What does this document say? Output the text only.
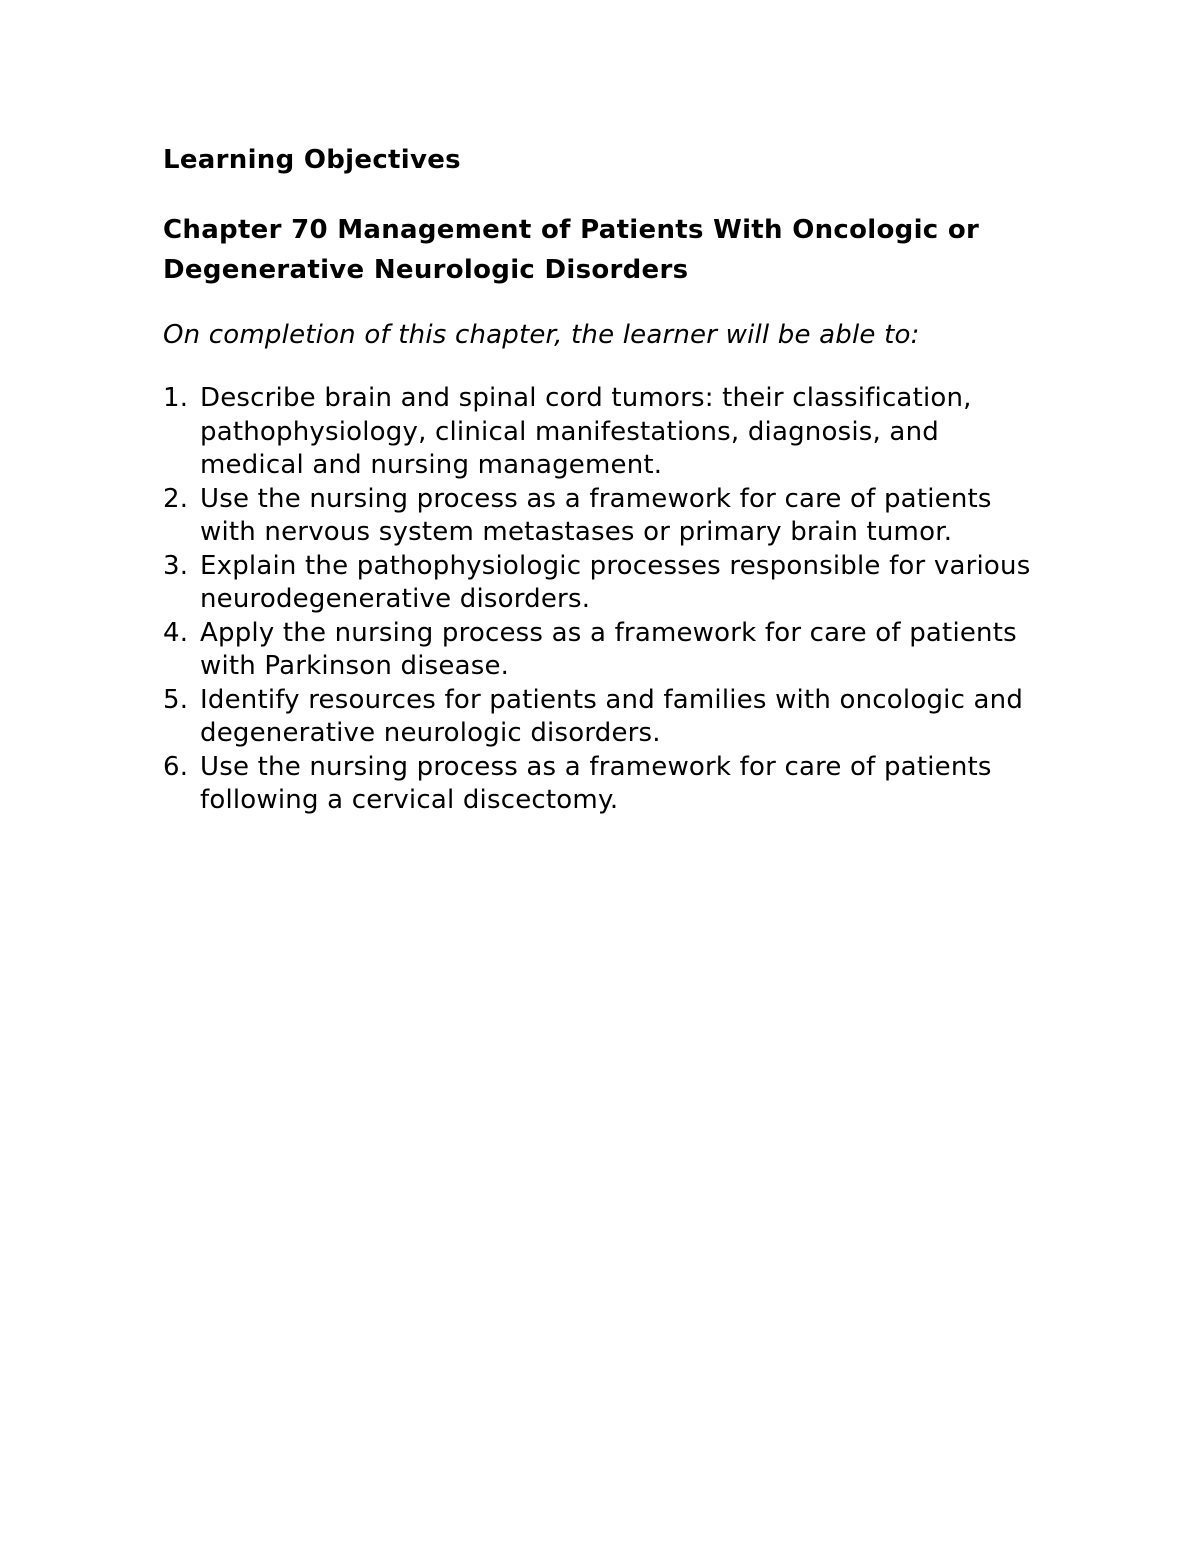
Learning Objectives
Chapter 70 Management of Patients With Oncologic or Degenerative Neurologic Disorders

On completion of this chapter, the learner will be able to:

1. Describe brain and spinal cord tumors: their classification, pathophysiology, clinical manifestations, diagnosis, and medical and nursing management.
2. Use the nursing process as a framework for care of patients with nervous system metastases or primary brain tumor.
3. Explain the pathophysiologic processes responsible for various neurodegenerative disorders.
4. Apply the nursing process as a framework for care of patients with Parkinson disease.
5. Identify resources for patients and families with oncologic and degenerative neurologic disorders.
6. Use the nursing process as a framework for care of patients following a cervical discectomy.
